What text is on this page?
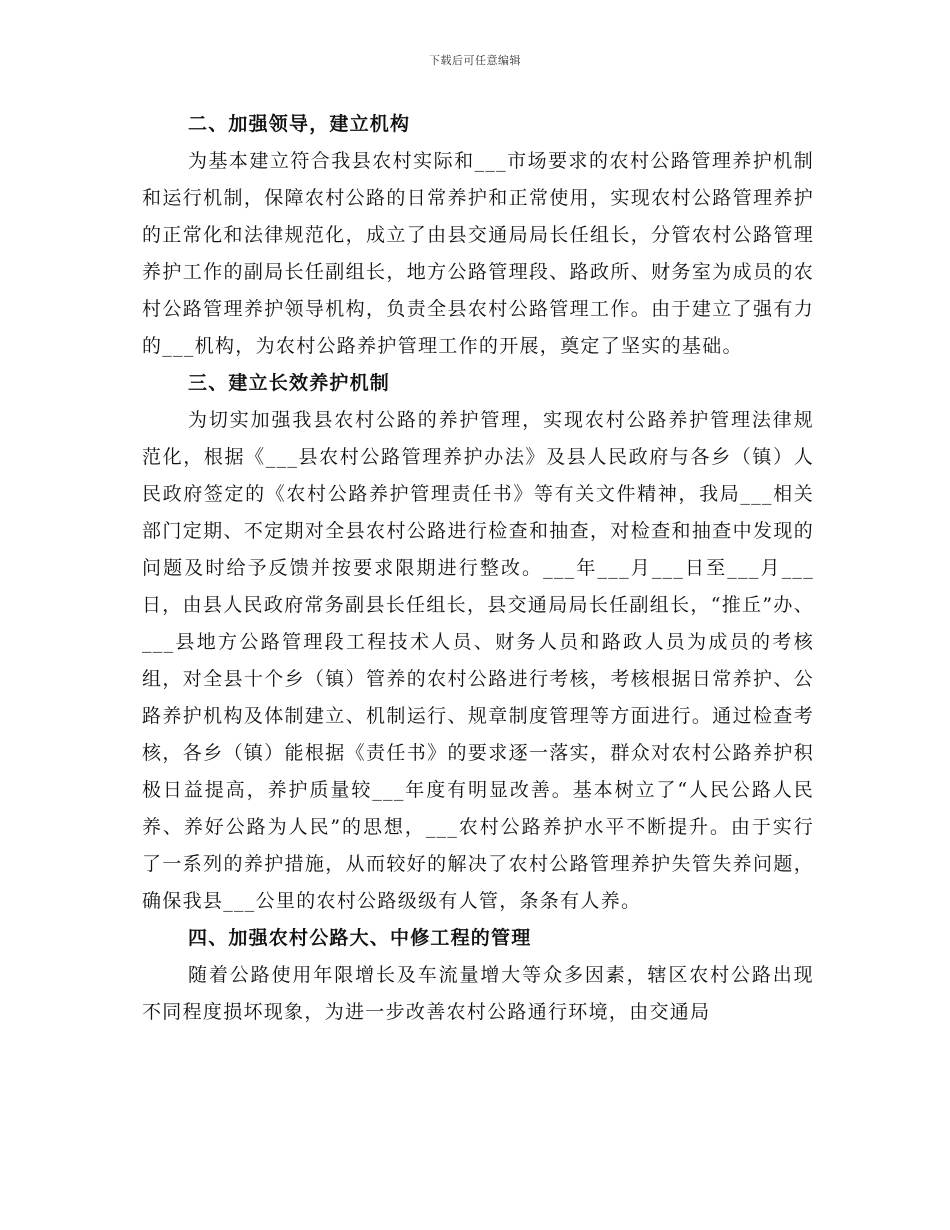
下载后可任意编辑
二、加强领导，建立机构
为基本建立符合我县农村实际和___市场要求的农村公路管理养护机制和运行机制，保障农村公路的日常养护和正常使用，实现农村公路管理养护的正常化和法律规范化，成立了由县交通局局长任组长，分管农村公路管理养护工作的副局长任副组长，地方公路管理段、路政所、财务室为成员的农村公路管理养护领导机构，负责全县农村公路管理工作。由于建立了强有力的___机构，为农村公路养护管理工作的开展，奠定了坚实的基础。
三、建立长效养护机制
为切实加强我县农村公路的养护管理，实现农村公路养护管理法律规范化，根据《___县农村公路管理养护办法》及县人民政府与各乡（镇）人民政府签定的《农村公路养护管理责任书》等有关文件精神，我局___相关部门定期、不定期对全县农村公路进行检查和抽查，对检查和抽查中发现的问题及时给予反馈并按要求限期进行整改。___年___月___日至___月___日，由县人民政府常务副县长任组长，县交通局局长任副组长，“推丘”办、___县地方公路管理段工程技术人员、财务人员和路政人员为成员的考核组，对全县十个乡（镇）管养的农村公路进行考核，考核根据日常养护、公路养护机构及体制建立、机制运行、规章制度管理等方面进行。通过检查考核，各乡（镇）能根据《责任书》的要求逐一落实，群众对农村公路养护积极日益提高，养护质量较___年度有明显改善。基本树立了“人民公路人民养、养好公路为人民”的思想，___农村公路养护水平不断提升。由于实行了一系列的养护措施，从而较好的解决了农村公路管理养护失管失养问题，确保我县___公里的农村公路级级有人管，条条有人养。
四、加强农村公路大、中修工程的管理
随着公路使用年限增长及车流量增大等众多因素，辖区农村公路出现不同程度损坏现象，为进一步改善农村公路通行环境，由交通局
